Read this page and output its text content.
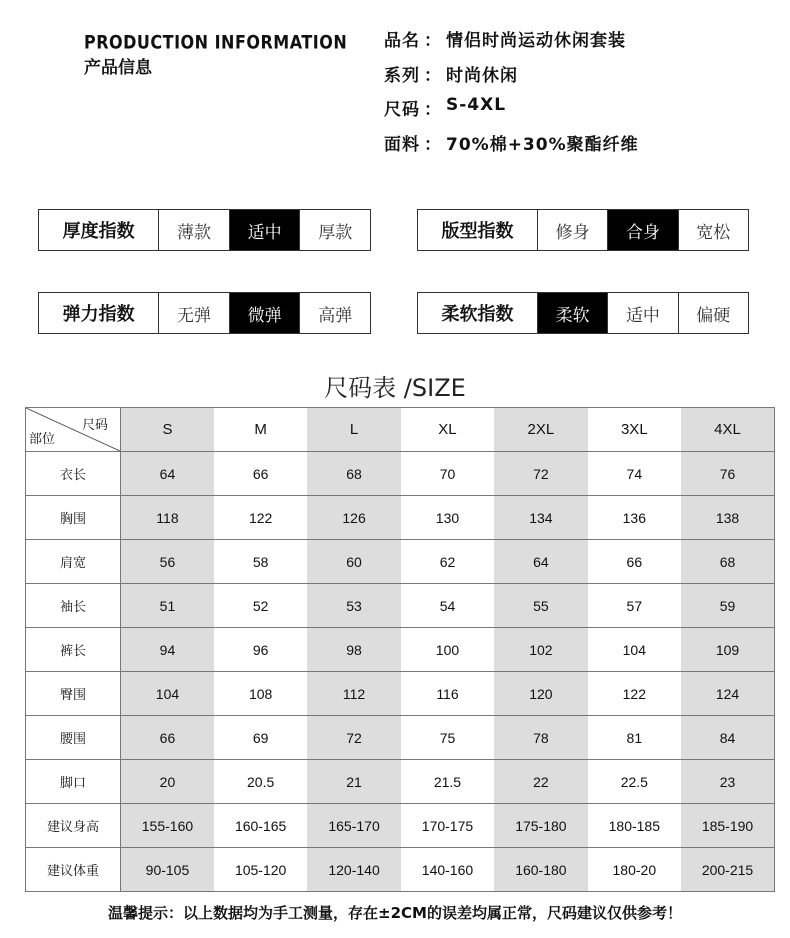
PRODUCTION INFORMATION
产品信息
品名 ： 情侣时尚运动休闲套装
系列 ： 时尚休闲
尺码 ： S-4XL
面料 ： 70%棉+30%聚酯纤维
厚度指数	薄款	适中	厚款	版型指数	修身	合身	宽松
弹力指数	无弹	微弹	高弹	柔软指数	柔软	适中	偏硬
尺码表 /SIZE
尺码
部位	S	M	L	XL	2XL	3XL	4XL
衣长	64	66	68	70	72	74	76
胸围	118	122	126	130	134	136	138
肩宽	56	58	60	62	64	66	68
袖长	51	52	53	54	55	57	59
裤长	94	96	98	100	102	104	109
臀围	104	108	112	116	120	122	124
腰围	66	69	72	75	78	81	84
脚口	20	20.5	21	21.5	22	22.5	23
建议身高	155-160	160-165	165-170	170-175	175-180	180-185	185-190
建议体重	90-105	105-120	120-140	140-160	160-180	180-20	200-215
温馨提示：以上数据均为手工测量，存在±2CM的误差均属正常，尺码建议仅供参考！
